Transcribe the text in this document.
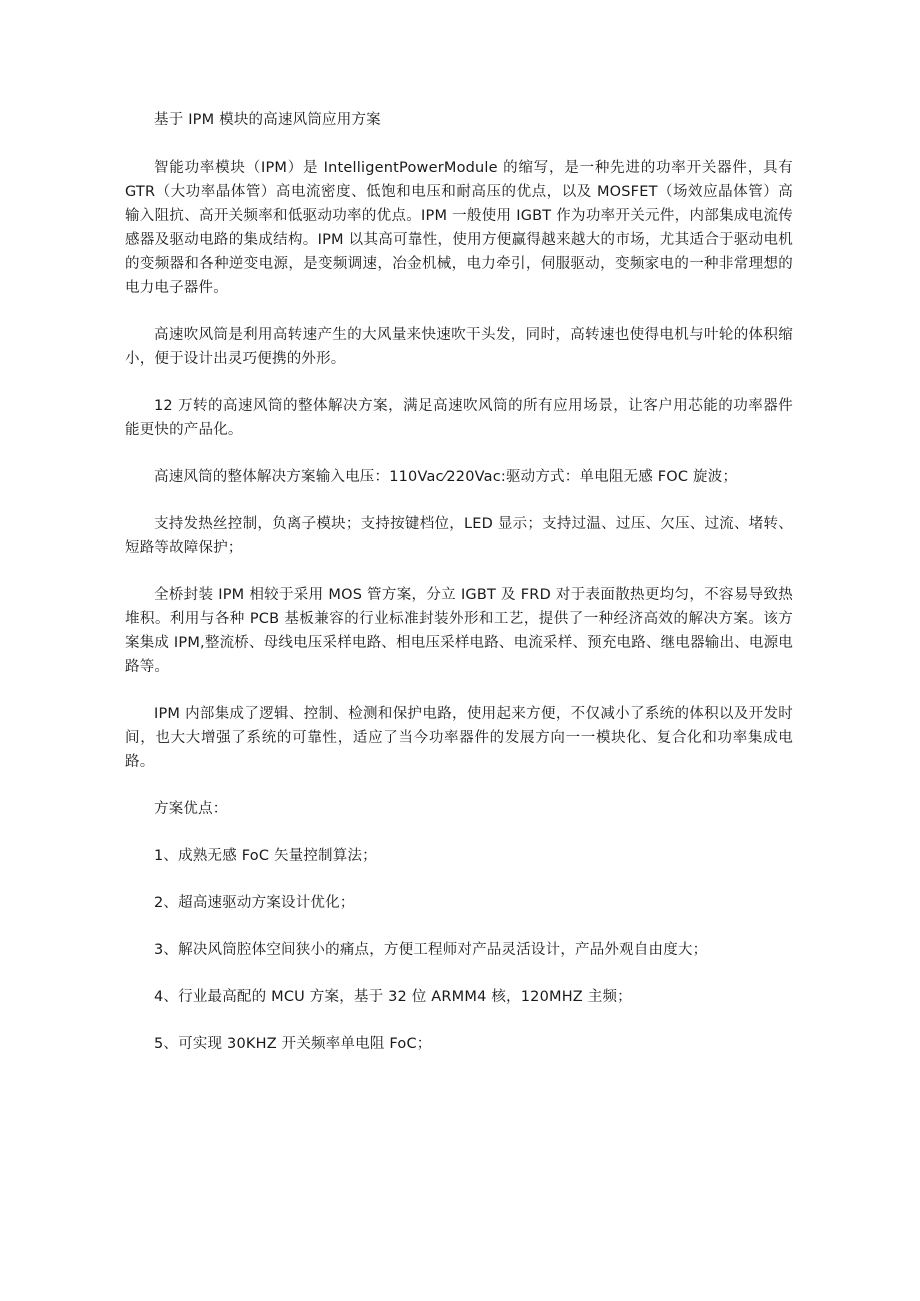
基于 IPM 模块的高速风筒应用方案

智能功率模块（IPM）是 IntelligentPowerModule 的缩写，是一种先进的功率开关器件，具有 GTR（大功率晶体管）高电流密度、低饱和电压和耐高压的优点，以及 MOSFET（场效应晶体管）高输入阻抗、高开关频率和低驱动功率的优点。IPM 一般使用 IGBT 作为功率开关元件，内部集成电流传感器及驱动电路的集成结构。IPM 以其高可靠性，使用方便赢得越来越大的市场，尤其适合于驱动电机的变频器和各种逆变电源，是变频调速，冶金机械，电力牵引，伺服驱动，变频家电的一种非常理想的电力电子器件。

高速吹风筒是利用高转速产生的大风量来快速吹干头发，同时，高转速也使得电机与叶轮的体积缩小，便于设计出灵巧便携的外形。

12 万转的高速风筒的整体解决方案，满足高速吹风筒的所有应用场景，让客户用芯能的功率器件能更快的产品化。

高速风筒的整体解决方案输入电压：110Vac⁄220Vac:驱动方式：单电阻无感 FOC 旋波；

支持发热丝控制，负离子模块；支持按键档位，LED 显示；支持过温、过压、欠压、过流、堵转、短路等故障保护；

全桥封装 IPM 相较于采用 MOS 管方案，分立 IGBT 及 FRD 对于表面散热更均匀，不容易导致热堆积。利用与各种 PCB 基板兼容的行业标准封装外形和工艺，提供了一种经济高效的解决方案。该方案集成 IPM,整流桥、母线电压采样电路、相电压采样电路、电流采样、预充电路、继电器输出、电源电路等。

IPM 内部集成了逻辑、控制、检测和保护电路，使用起来方便，不仅减小了系统的体积以及开发时间，也大大增强了系统的可靠性，适应了当今功率器件的发展方向一一模块化、复合化和功率集成电路。

方案优点：

1、成熟无感 FoC 矢量控制算法；
2、超高速驱动方案设计优化；
3、解决风筒腔体空间狭小的痛点，方便工程师对产品灵活设计，产品外观自由度大；
4、行业最高配的 MCU 方案，基于 32 位 ARMM4 核，120MHZ 主频；
5、可实现 30KHZ 开关频率单电阻 FoC；
